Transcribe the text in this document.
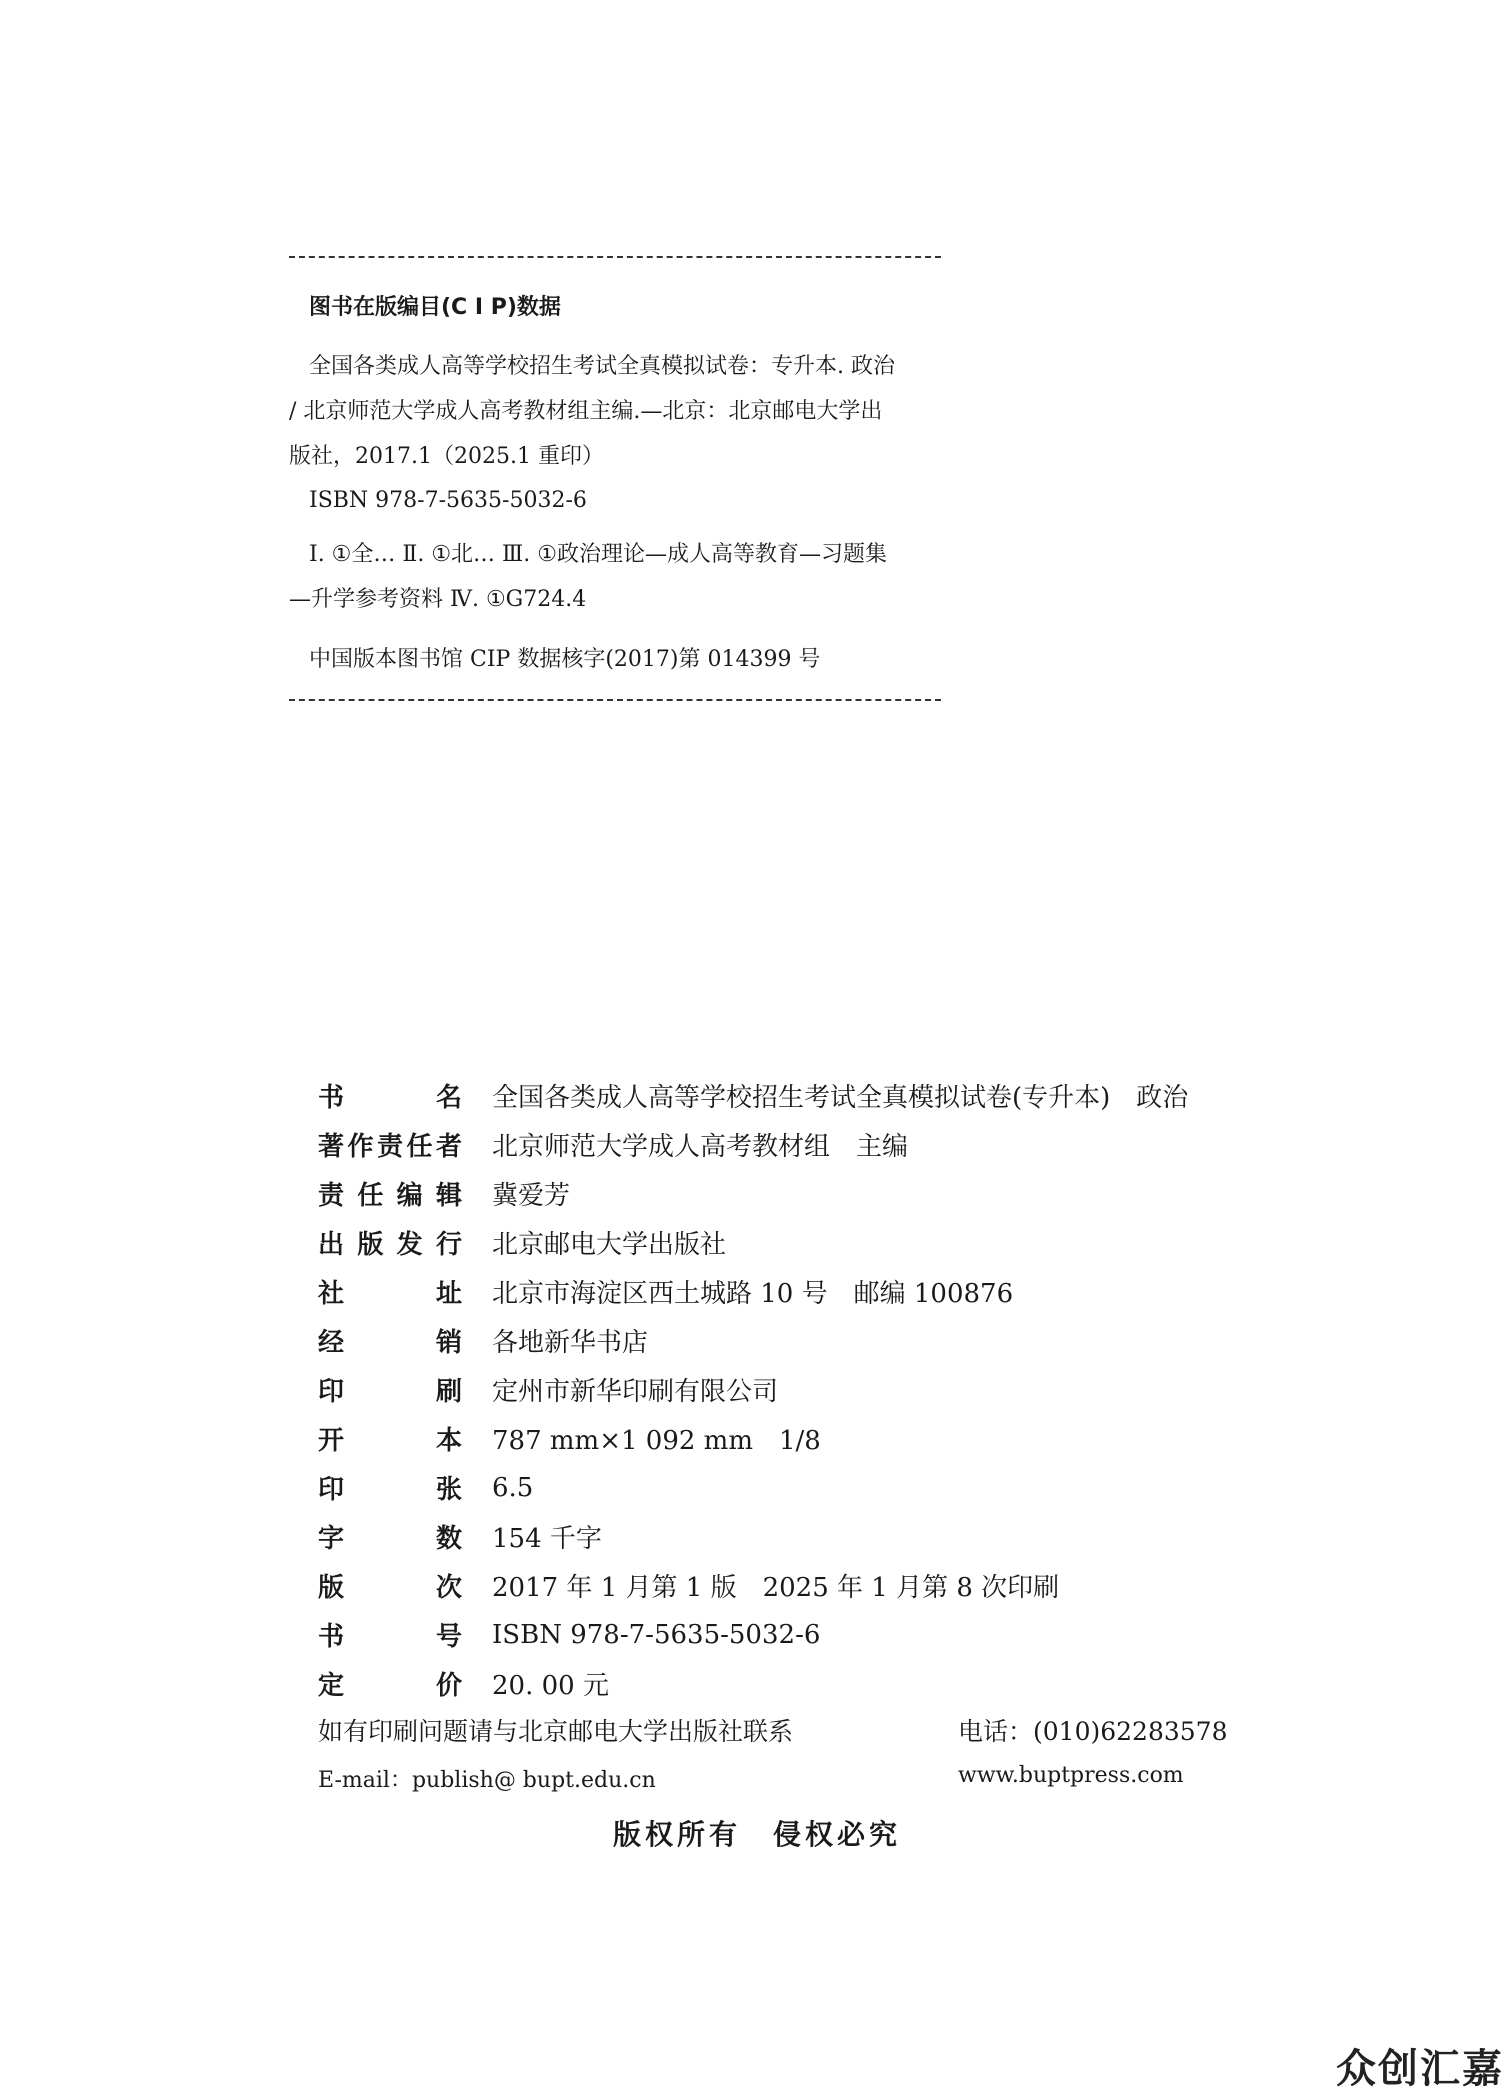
图书在版编目(C I P)数据
全国各类成人高等学校招生考试全真模拟试卷：专升本. 政治 / 北京师范大学成人高考教材组主编.—北京：北京邮电大学出版社，2017.1（2025.1 重印）
ISBN 978-7-5635-5032-6
Ⅰ. ①全… Ⅱ. ①北… Ⅲ. ①政治理论—成人高等教育—习题集—升学参考资料 Ⅳ. ①G724.4
中国版本图书馆 CIP 数据核字(2017)第 014399 号
书	名 全国各类成人高等学校招生考试全真模拟试卷(专升本)　政治
著 作 责 任 者 北京师范大学成人高考教材组　主编
责 任 编 辑 冀爱芳
出 版 发 行 北京邮电大学出版社
社	址 北京市海淀区西土城路 10 号　邮编 100876
经	销 各地新华书店
印	刷 定州市新华印刷有限公司
开	本 787 mm×1 092 mm　1/8
印	张 6.5
字	数 154 千字
版	次 2017 年 1 月第 1 版　2025 年 1 月第 8 次印刷
书	号 ISBN 978-7-5635-5032-6
定	价 20. 00 元
如有印刷问题请与北京邮电大学出版社联系	电话：(010)62283578
E-mail：publish@ bupt.edu.cn	www.buptpress.com
版权所有　侵权必究
众创汇嘉
